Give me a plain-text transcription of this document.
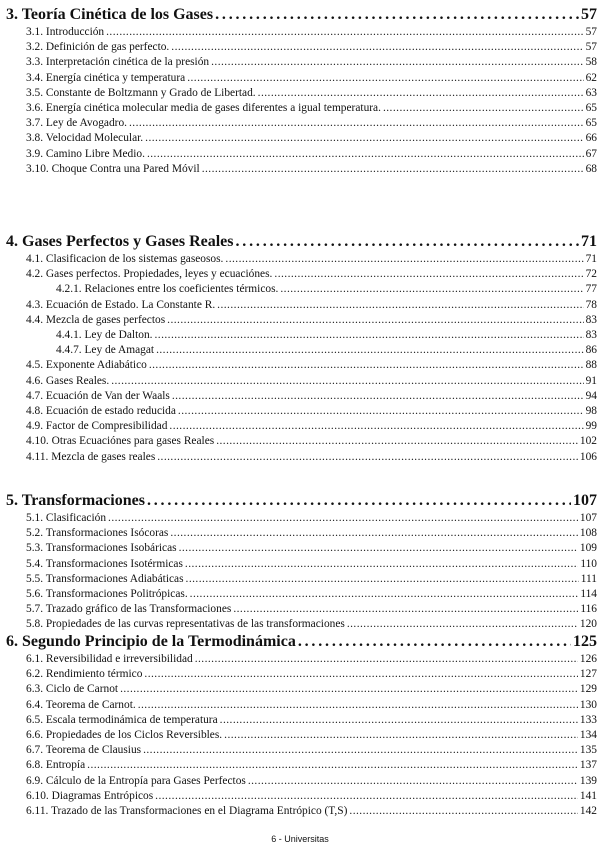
3. Teoría Cinética de los Gases . . .	57
3.1. Introducción . . .	57
3.2. Definición de gas perfecto. . . .	57
3.3. Interpretación cinética de la presión . . .	58
3.4. Energía cinética y temperatura . . .	62
3.5. Constante de Boltzmann y Grado de Libertad. . . .	63
3.6. Energía cinética molecular media de gases diferentes a igual temperatura. . . .	65
3.7. Ley de Avogadro. . . .	65
3.8. Velocidad Molecular. . . .	66
3.9. Camino Libre Medio. . . .	67
3.10. Choque Contra una Pared Móvil . . .	68
4. Gases Perfectos y Gases Reales . . .	71
4.1. Clasificacion de los sistemas gaseosos. . . .	71
4.2. Gases perfectos. Propiedades, leyes y ecuaciónes. . . .	72
4.2.1. Relaciones entre los coeficientes térmicos. . . .	77
4.3. Ecuación de Estado. La Constante R. . . .	78
4.4. Mezcla de gases perfectos . . .	83
4.4.1. Ley de Dalton. . . .	83
4.4.7. Ley de Amagat . . .	86
4.5. Exponente Adiabático . . .	88
4.6. Gases Reales. . . .	91
4.7. Ecuación de Van der Waals . . .	94
4.8. Ecuación de estado reducida . . .	98
4.9. Factor de Compresibilidad . . .	99
4.10. Otras Ecuaciónes para gases Reales . . .	102
4.11. Mezcla de gases reales . . .	106
5. Transformaciones . . .	107
5.1. Clasificación . . .	107
5.2. Transformaciones Isócoras . . .	108
5.3. Transformaciones Isobáricas . . .	109
5.4. Transformaciones Isotérmicas . . .	110
5.5. Transformaciones Adiabáticas . . .	111
5.6. Transformaciones Politrópicas. . . .	114
5.7. Trazado gráfico de las Transformaciones . . .	116
5.8. Propiedades de las curvas representativas de las transformaciones . . .	120
6. Segundo Principio de la Termodinámica . . .	125
6.1. Reversibilidad e irreversibilidad . . .	126
6.2. Rendimiento térmico . . .	127
6.3. Ciclo de Carnot . . .	129
6.4. Teorema de Carnot. . . .	130
6.5. Escala termodinámica de temperatura . . .	133
6.6. Propiedades de los Ciclos Reversibles. . . .	134
6.7. Teorema de Clausius . . .	135
6.8. Entropía . . .	137
6.9. Cálculo de la Entropía para Gases Perfectos . . .	139
6.10. Diagramas Entrópicos . . .	141
6.11. Trazado de las Transformaciones en el Diagrama Entrópico (T,S) . . .	142
6 - Universitas
